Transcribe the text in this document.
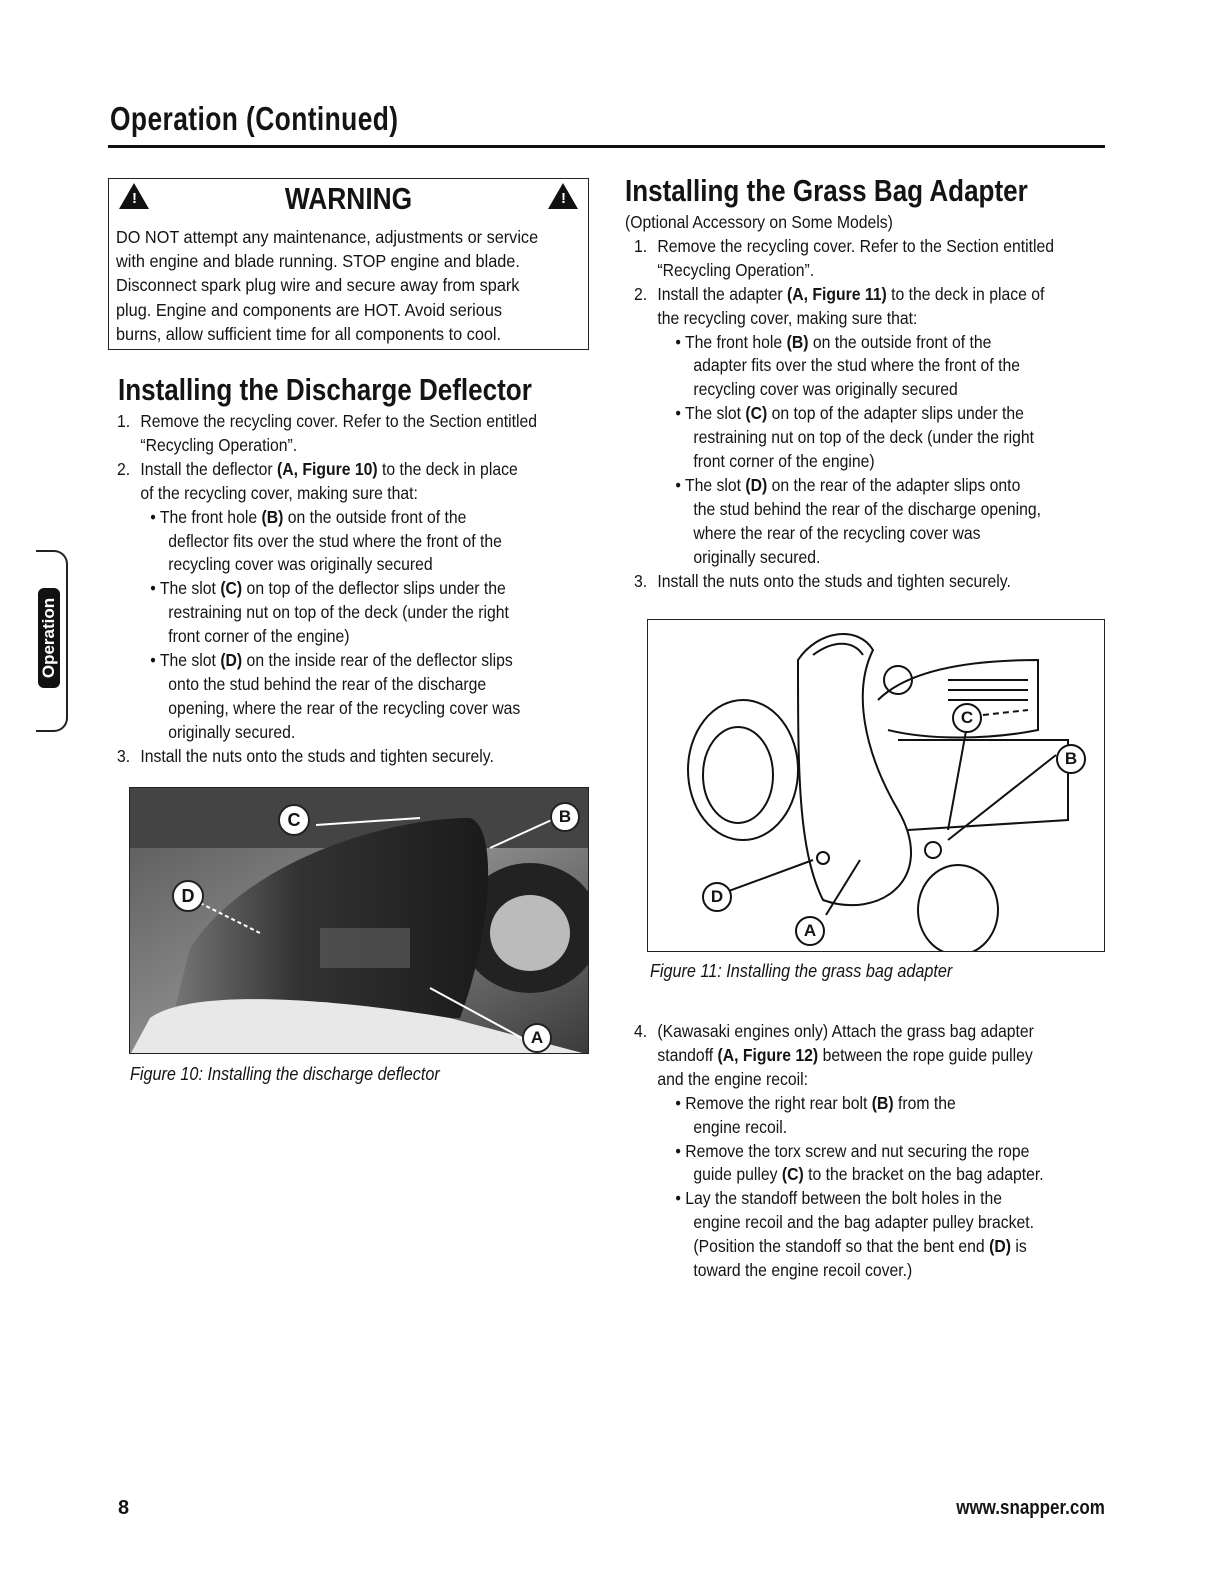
Operation (Continued)
Operation
!	WARNING	!
DO NOT attempt any maintenance, adjustments or service
with engine and blade running. STOP engine and blade.
Disconnect spark plug wire and secure away from spark
plug. Engine and components are HOT. Avoid serious
burns, allow sufficient time for all components to cool.
Installing the Discharge Deflector

1. Remove the recycling cover. Refer to the Section entitled

“Recycling Operation”.

2. Install the deflector (A, Figure 10) to the deck in place

of the recycling cover, making sure that:

• The front hole (B) on the outside front of the

deflector fits over the stud where the front of the

recycling cover was originally secured

• The slot (C) on top of the deflector slips under the

restraining nut on top of the deck (under the right

front corner of the engine)

• The slot (D) on the inside rear of the deflector slips

onto the stud behind the rear of the discharge

opening, where the rear of the recycling cover was

originally secured.

3. Install the nuts onto the studs and tighten securely.

C	B
D
A
Figure 10: Installing the discharge deflector
Installing the Grass Bag Adapter

(Optional Accessory on Some Models)

1. Remove the recycling cover. Refer to the Section entitled

“Recycling Operation”.

2. Install the adapter (A, Figure 11) to the deck in place of

the recycling cover, making sure that:

• The front hole (B) on the outside front of the

adapter fits over the stud where the front of the

recycling cover was originally secured

• The slot (C) on top of the adapter slips under the

restraining nut on top of the deck (under the right

front corner of the engine)

• The slot (D) on the rear of the adapter slips onto

the stud behind the rear of the discharge opening,

where the rear of the recycling cover was

originally secured.

3. Install the nuts onto the studs and tighten securely.

C
B
D
A
Figure 11: Installing the grass bag adapter

4. (Kawasaki engines only) Attach the grass bag adapter

standoff (A, Figure 12) between the rope guide pulley

and the engine recoil:

• Remove the right rear bolt (B) from the

engine recoil.

• Remove the torx screw and nut securing the rope

guide pulley (C) to the bracket on the bag adapter.

• Lay the standoff between the bolt holes in the

engine recoil and the bag adapter pulley bracket.

(Position the standoff so that the bent end (D) is

toward the engine recoil cover.)

8	www.snapper.com
